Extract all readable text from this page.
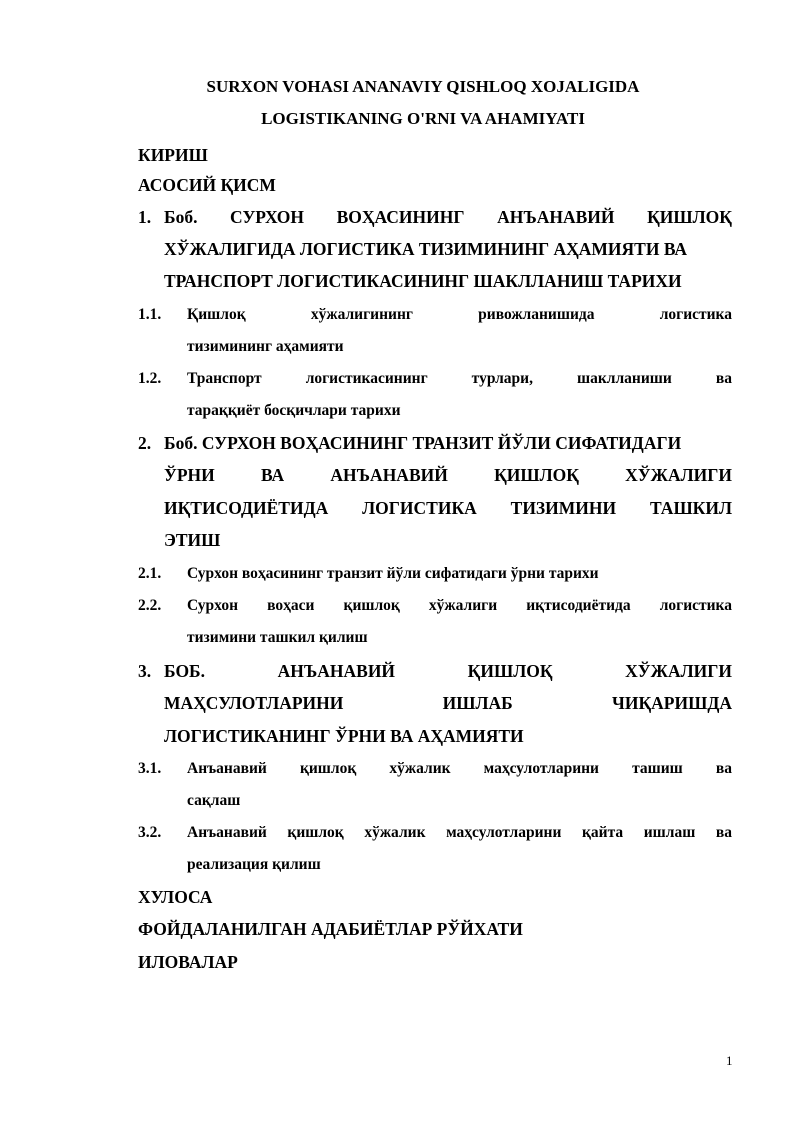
SURXON VOHASI ANANAVIY QISHLOQ XOJALIGIDA
LOGISTIKANING O'RNI VA AHAMIYATI
КИРИШ
АСОСИЙ ҚИСМ
1. Боб. СУРХОН ВОҲАСИНИНГ АНЪАНАВИЙ ҚИШЛОҚ
ХЎЖАЛИГИДА ЛОГИСТИКА ТИЗИМИНИНГ АҲАМИЯТИ ВА
ТРАНСПОРТ ЛОГИСТИКАСИНИНГ ШАКЛЛАНИШ ТАРИХИ
1.1. Қишлоқ	хўжалигининг	ривожланишида	логистика
тизимининг аҳамияти
1.2. Транспорт	логистикасининг	турлари,	шаклланиши	ва
тараққиёт босқичлари тарихи
2. Боб. СУРХОН ВОҲАСИНИНГ ТРАНЗИТ ЙЎЛИ СИФАТИДАГИ
ЎРНИ	ВА	АНЪАНАВИЙ	ҚИШЛОҚ	ХЎЖАЛИГИ
ИҚТИСОДИЁТИДА ЛОГИСТИКА ТИЗИМИНИ ТАШКИЛ
ЭТИШ
2.1. Сурхон воҳасининг транзит йўли сифатидаги ўрни тарихи
2.2. Сурхон воҳаси қишлоқ хўжалиги иқтисодиётида логистика
тизимини ташкил қилиш
3. БОБ.	АНЪАНАВИЙ	ҚИШЛОҚ	ХЎЖАЛИГИ
МАҲСУЛОТЛАРИНИ	ИШЛАБ	ЧИҚАРИШДА
ЛОГИСТИКАНИНГ ЎРНИ ВА АҲАМИЯТИ
3.1. Анъанавий қишлоқ хўжалик маҳсулотларини ташиш ва
сақлаш
3.2. Анъанавий қишлоқ хўжалик маҳсулотларини қайта ишлаш ва
реализация қилиш
ХУЛОСА
ФОЙДАЛАНИЛГАН АДАБИЁТЛАР РЎЙХАТИ
ИЛОВАЛАР
1
